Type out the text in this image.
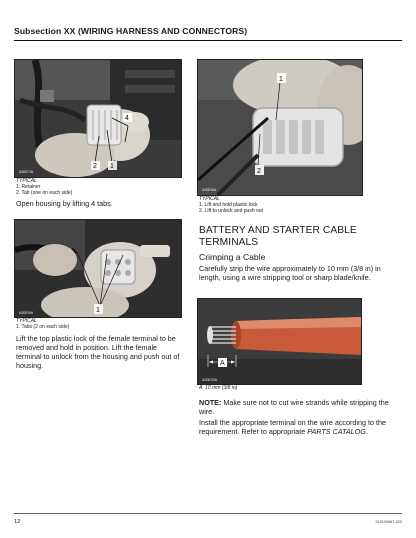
Subsection XX (WIRING HARNESS AND CONNECTORS)
4
2 1
A30E7IA
TYPICAL
1. Retainer
2. Tab (one on each side)
Open housing by lifting 4 tabs.
1
A30E9IA
TYPICAL
1. Tabs (2 on each side)
Lift the top plastic lock of the female terminal to be removed and hold in position. Lift the female terminal to unlock from the housing and push out of housing.
1
2
A30E8IA
TYPICAL
1. Lift and hold plastic lock
2. Lift to unlock and push out
BATTERY AND STARTER CABLE TERMINALS
Crimping a Cable
Carefully strip the wire approximately to 10 mm (3/8 in) in length, using a wire stripping tool or sharp blade/knife.
A
A30E20A
A. 10 mm (3/8 in)
NOTE: Make sure not to cut wire strands while stripping the wire.
Install the appropriate terminal on the wire according to the requirement. Refer to appropriate PARTS CATALOG.
12	219100967-023
